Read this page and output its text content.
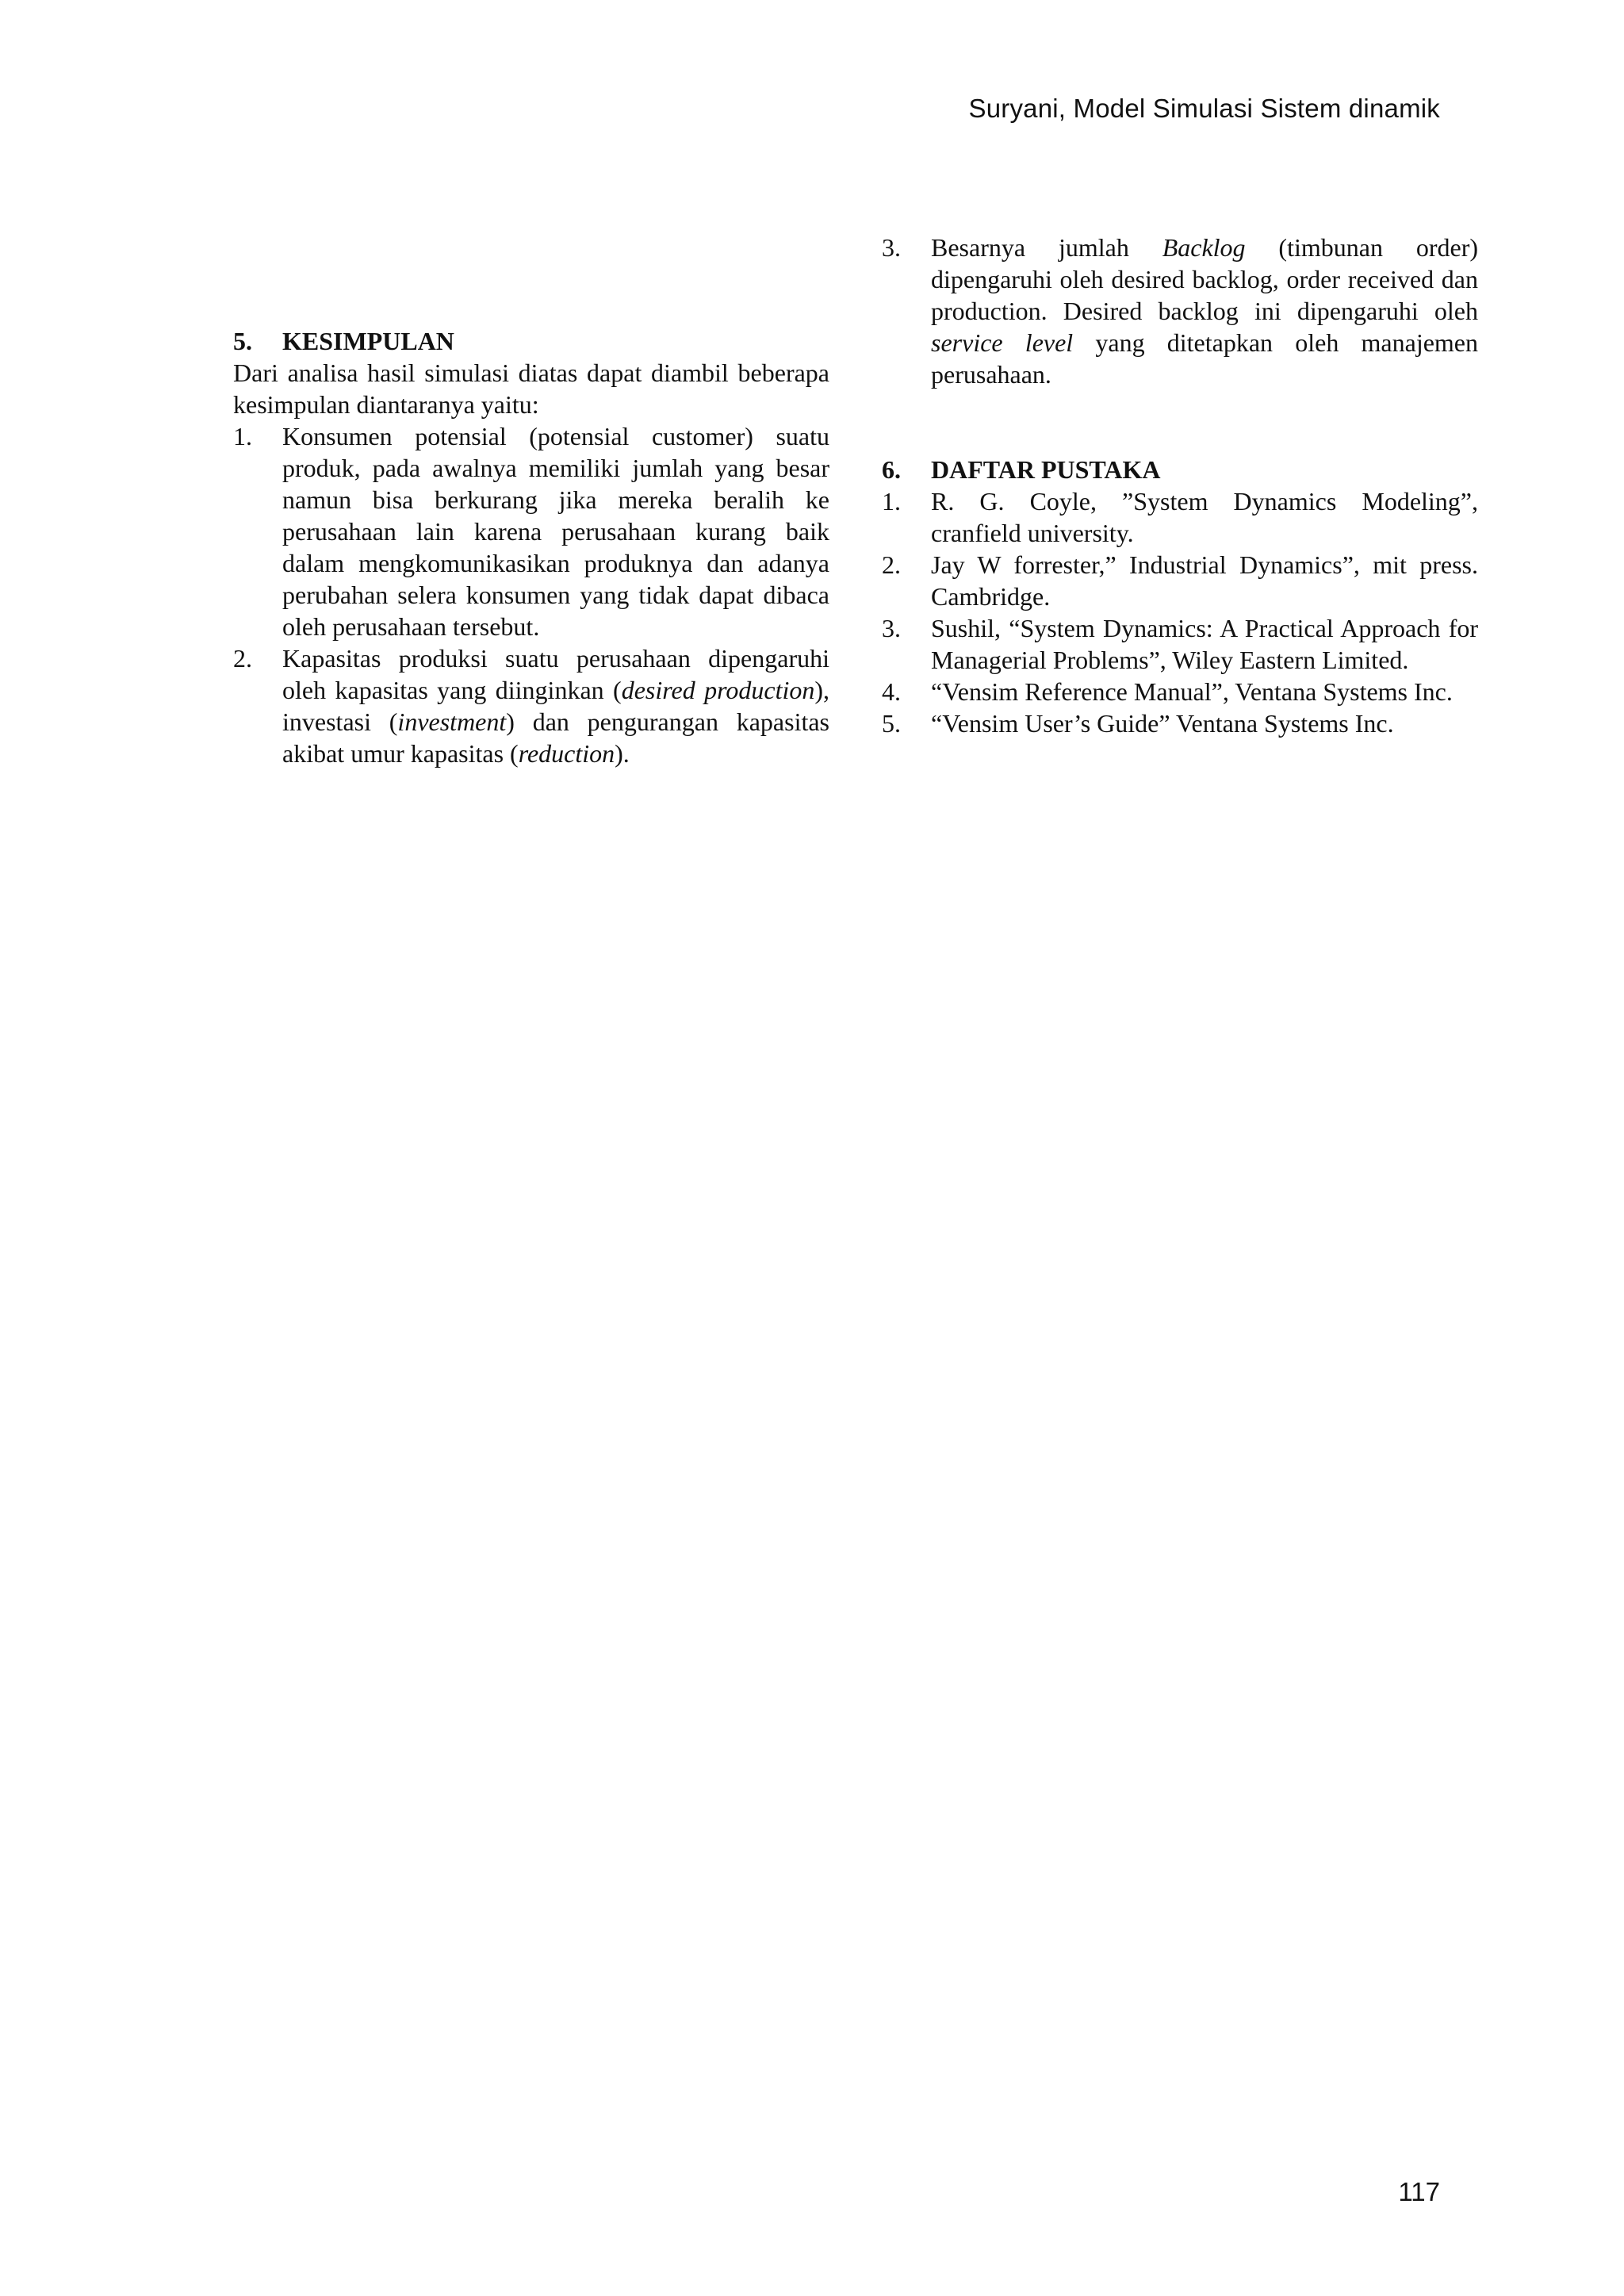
Suryani, Model Simulasi Sistem dinamik
5.	KESIMPULAN

Dari analisa hasil simulasi diatas dapat diambil beberapa kesimpulan diantaranya yaitu:

1.	Konsumen potensial (potensial customer) suatu produk, pada awalnya memiliki jumlah yang besar namun bisa berkurang jika mereka beralih ke perusahaan lain karena perusahaan kurang baik dalam mengkomunikasikan produknya dan adanya perubahan selera konsumen yang tidak dapat dibaca oleh perusahaan tersebut.
2.	Kapasitas produksi suatu perusahaan dipengaruhi oleh kapasitas yang diinginkan (desired production), investasi (investment) dan pengurangan kapasitas akibat umur kapasitas (reduction).
3.	Besarnya jumlah Backlog (timbunan order) dipengaruhi oleh desired backlog, order received dan production. Desired backlog ini dipengaruhi oleh service level yang ditetapkan oleh manajemen perusahaan.
6.	DAFTAR PUSTAKA
1.	R. G. Coyle, ”System Dynamics Modeling”, cranfield university.
2.	Jay W forrester,” Industrial Dynamics”, mit press. Cambridge.
3.	Sushil, “System Dynamics: A Practical Approach for Managerial Problems”, Wiley Eastern Limited.
4.	“Vensim Reference Manual”, Ventana Systems Inc.
5.	“Vensim User’s Guide” Ventana Systems Inc.
117
